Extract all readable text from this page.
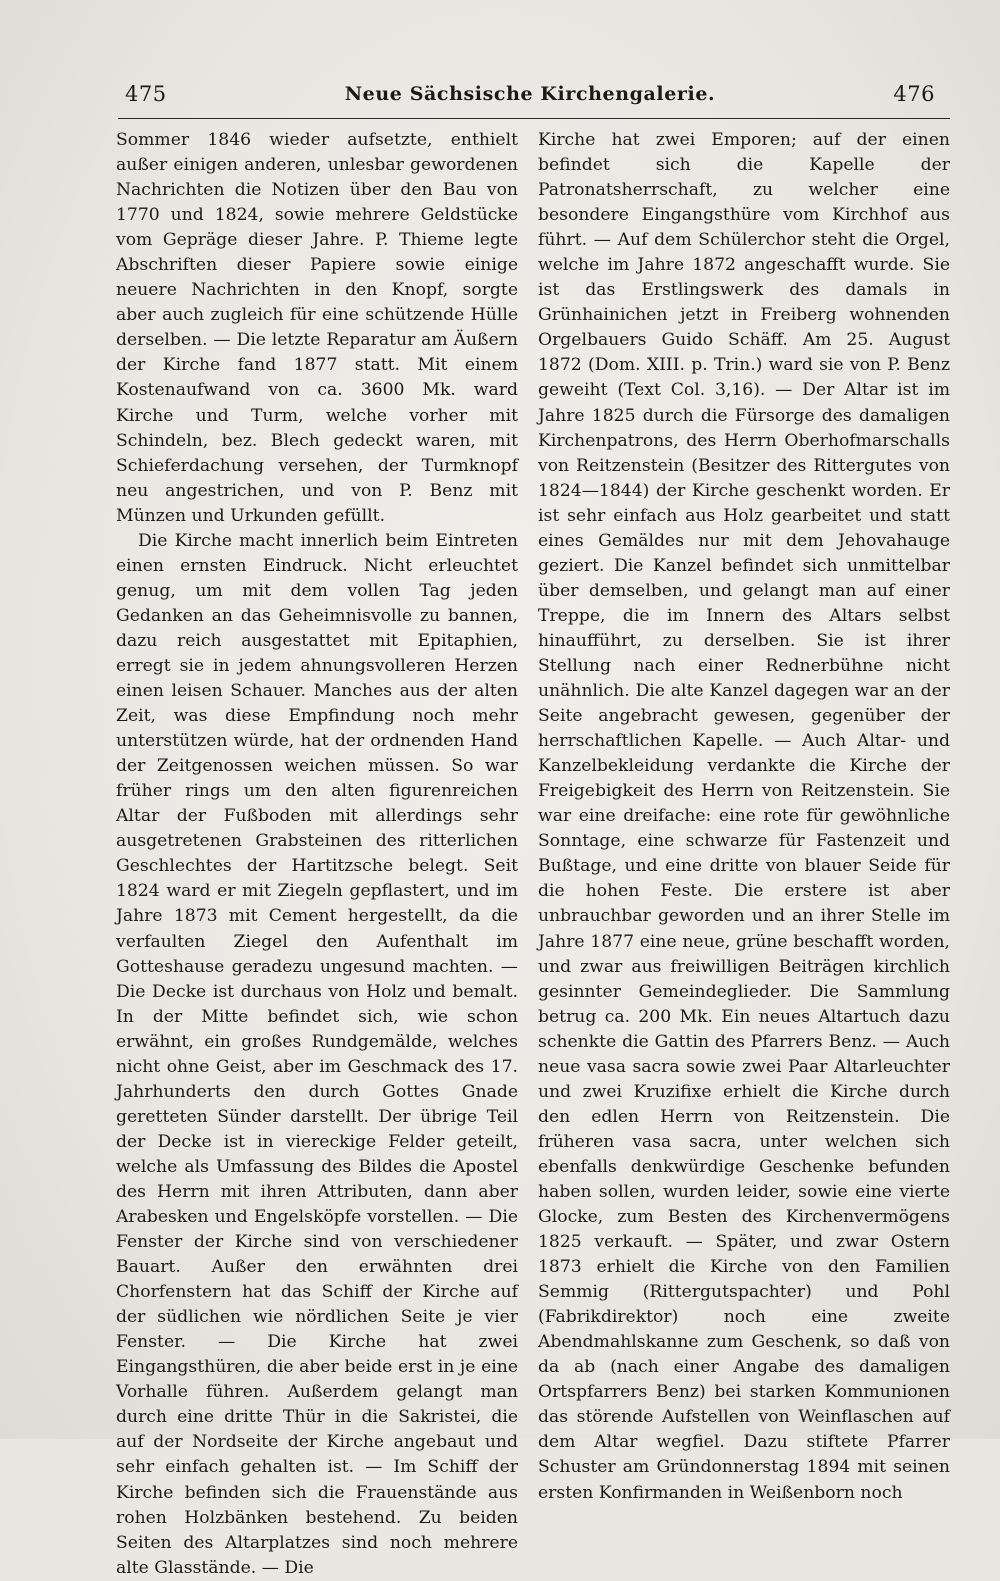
475	Neue Sächsische Kirchengalerie.	476

Sommer 1846 wieder aufsetzte, enthielt außer einigen anderen, unlesbar gewordenen Nachrichten die Notizen über den Bau von 1770 und 1824, sowie mehrere Geldstücke vom Gepräge dieser Jahre. P. Thieme legte Abschriften dieser Papiere sowie einige neuere Nachrichten in den Knopf, sorgte aber auch zugleich für eine schützende Hülle derselben. — Die letzte Reparatur am Äußern der Kirche fand 1877 statt. Mit einem Kostenaufwand von ca. 3600 Mk. ward Kirche und Turm, welche vorher mit Schindeln, bez. Blech gedeckt waren, mit Schieferdachung versehen, der Turmknopf neu angestrichen, und von P. Benz mit Münzen und Urkunden gefüllt.

Die Kirche macht innerlich beim Eintreten einen ernsten Eindruck. Nicht erleuchtet genug, um mit dem vollen Tag jeden Gedanken an das Geheimnisvolle zu bannen, dazu reich ausgestattet mit Epitaphien, erregt sie in jedem ahnungsvolleren Herzen einen leisen Schauer. Manches aus der alten Zeit, was diese Empfindung noch mehr unterstützen würde, hat der ordnenden Hand der Zeitgenossen weichen müssen. So war früher rings um den alten figurenreichen Altar der Fußboden mit allerdings sehr ausgetretenen Grabsteinen des ritterlichen Geschlechtes der Hartitzsche belegt. Seit 1824 ward er mit Ziegeln gepflastert, und im Jahre 1873 mit Cement hergestellt, da die verfaulten Ziegel den Aufenthalt im Gotteshause geradezu ungesund machten. — Die Decke ist durchaus von Holz und bemalt. In der Mitte befindet sich, wie schon erwähnt, ein großes Rundgemälde, welches nicht ohne Geist, aber im Geschmack des 17. Jahrhunderts den durch Gottes Gnade geretteten Sünder darstellt. Der übrige Teil der Decke ist in viereckige Felder geteilt, welche als Umfassung des Bildes die Apostel des Herrn mit ihren Attributen, dann aber Arabesken und Engelsköpfe vorstellen. — Die Fenster der Kirche sind von verschiedener Bauart. Außer den erwähnten drei Chorfenstern hat das Schiff der Kirche auf der südlichen wie nördlichen Seite je vier Fenster. — Die Kirche hat zwei Eingangsthüren, die aber beide erst in je eine Vorhalle führen. Außerdem gelangt man durch eine dritte Thür in die Sakristei, die auf der Nordseite der Kirche angebaut und sehr einfach gehalten ist. — Im Schiff der Kirche befinden sich die Frauenstände aus rohen Holzbänken bestehend. Zu beiden Seiten des Altarplatzes sind noch mehrere alte Glasstände. — Die

Kirche hat zwei Emporen; auf der einen befindet sich die Kapelle der Patronatsherrschaft, zu welcher eine besondere Eingangsthüre vom Kirchhof aus führt. — Auf dem Schülerchor steht die Orgel, welche im Jahre 1872 angeschafft wurde. Sie ist das Erstlingswerk des damals in Grünhainichen jetzt in Freiberg wohnenden Orgelbauers Guido Schäff. Am 25. August 1872 (Dom. XIII. p. Trin.) ward sie von P. Benz geweiht (Text Col. 3,16). — Der Altar ist im Jahre 1825 durch die Fürsorge des damaligen Kirchenpatrons, des Herrn Oberhofmarschalls von Reitzenstein (Besitzer des Rittergutes von 1824—1844) der Kirche geschenkt worden. Er ist sehr einfach aus Holz gearbeitet und statt eines Gemäldes nur mit dem Jehovahauge geziert. Die Kanzel befindet sich unmittelbar über demselben, und gelangt man auf einer Treppe, die im Innern des Altars selbst hinaufführt, zu derselben. Sie ist ihrer Stellung nach einer Rednerbühne nicht unähnlich. Die alte Kanzel dagegen war an der Seite angebracht gewesen, gegenüber der herrschaftlichen Kapelle. — Auch Altar- und Kanzelbekleidung verdankte die Kirche der Freigebigkeit des Herrn von Reitzenstein. Sie war eine dreifache: eine rote für gewöhnliche Sonntage, eine schwarze für Fastenzeit und Bußtage, und eine dritte von blauer Seide für die hohen Feste. Die erstere ist aber unbrauchbar geworden und an ihrer Stelle im Jahre 1877 eine neue, grüne beschafft worden, und zwar aus freiwilligen Beiträgen kirchlich gesinnter Gemeindeglieder. Die Sammlung betrug ca. 200 Mk. Ein neues Altartuch dazu schenkte die Gattin des Pfarrers Benz. — Auch neue vasa sacra sowie zwei Paar Altarleuchter und zwei Kruzifixe erhielt die Kirche durch den edlen Herrn von Reitzenstein. Die früheren vasa sacra, unter welchen sich ebenfalls denkwürdige Geschenke befunden haben sollen, wurden leider, sowie eine vierte Glocke, zum Besten des Kirchenvermögens 1825 verkauft. — Später, und zwar Ostern 1873 erhielt die Kirche von den Familien Semmig (Rittergutspachter) und Pohl (Fabrikdirektor) noch eine zweite Abendmahlskanne zum Geschenk, so daß von da ab (nach einer Angabe des damaligen Ortspfarrers Benz) bei starken Kommunionen das störende Aufstellen von Weinflaschen auf dem Altar wegfiel. Dazu stiftete Pfarrer Schuster am Gründonnerstag 1894 mit seinen ersten Konfirmanden in Weißenborn noch
